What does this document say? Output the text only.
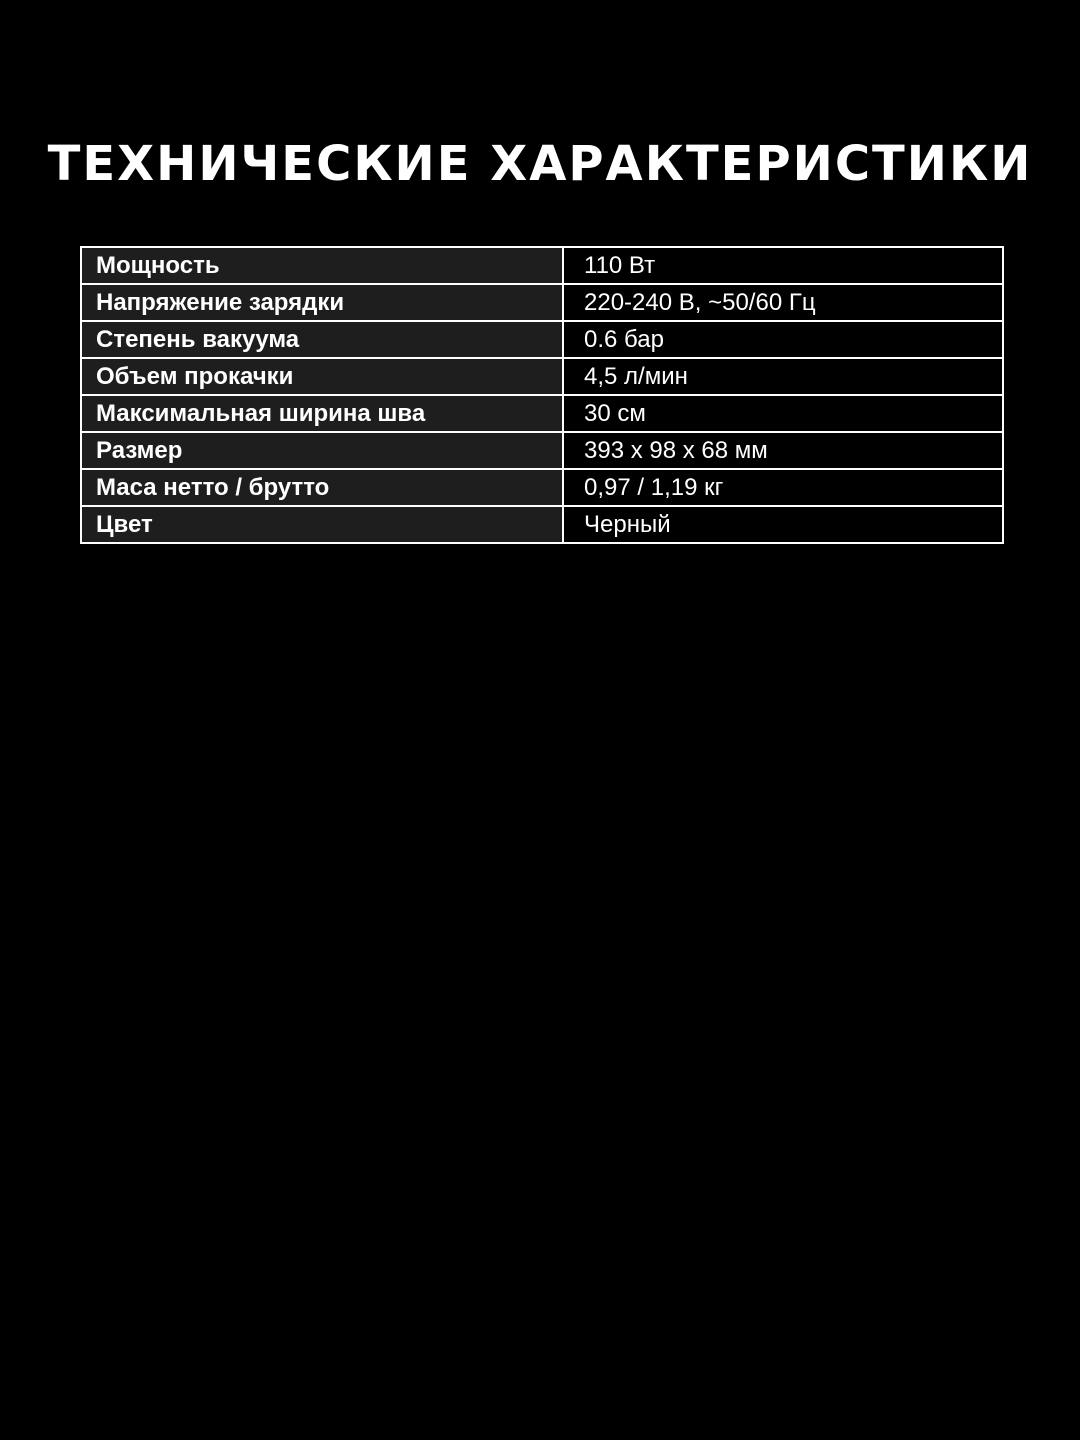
ТЕХНИЧЕСКИЕ ХАРАКТЕРИСТИКИ
Мощность	110 Вт
Напряжение зарядки	220-240 В, ~50/60 Гц
Степень вакуума	0.6 бар
Объем прокачки	4,5 л/мин
Максимальная ширина шва	30 см
Размер	393 x 98 x 68 мм
Маса нетто / брутто	0,97 / 1,19 кг
Цвет	Черный
